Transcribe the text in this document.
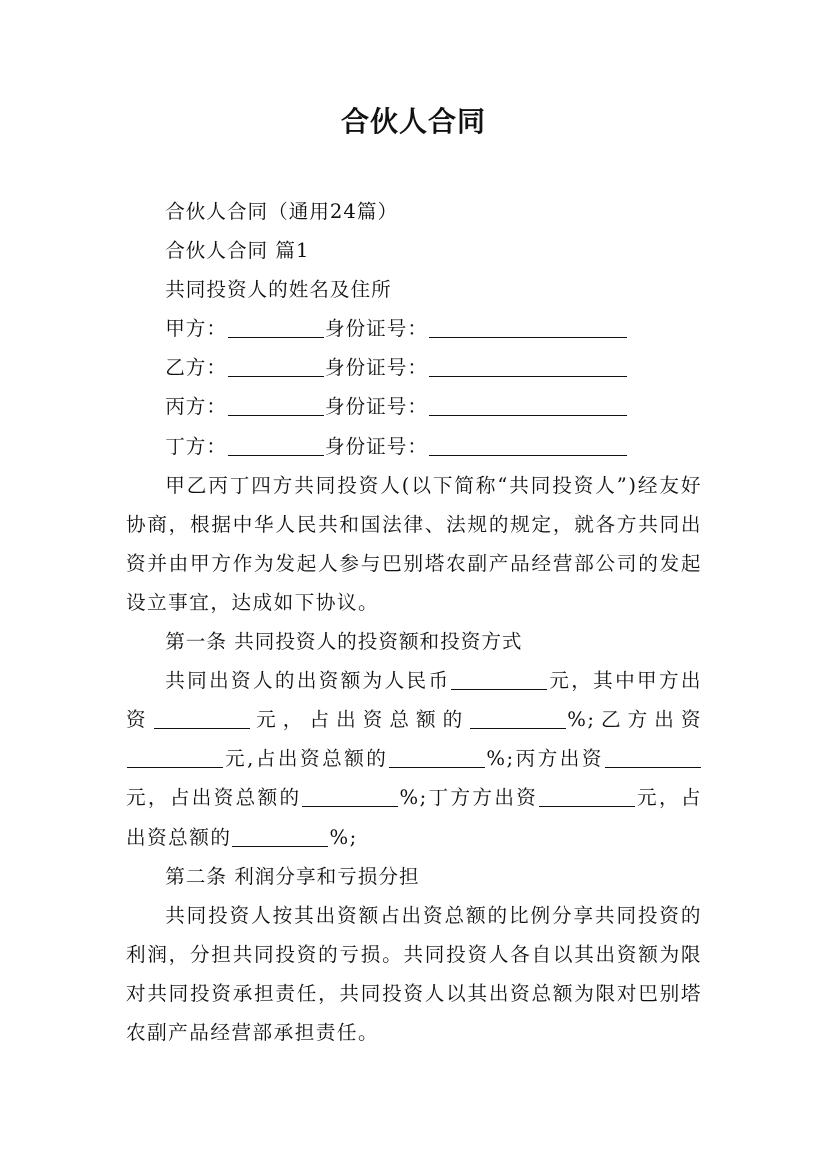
合伙人合同
合伙人合同（通用24篇）
合伙人合同 篇1
共同投资人的姓名及住所
甲方：	身份证号：
乙方：	身份证号：
丙方：	身份证号：
丁方：	身份证号：

甲乙丙丁四方共同投资人(以下简称“共同投资人”)经友好协商，根据中华人民共和国法律、法规的规定，就各方共同出资并由甲方作为发起人参与巴别塔农副产品经营部公司的发起设立事宜，达成如下协议。

第一条 共同投资人的投资额和投资方式

共同出资人的出资额为人民币	元，其中甲方出资	元，占出资总额的	%;乙方出资元,占出资总额的	%;丙方出资元，占出资总额的	%;丁方方出资	元，占出资总额的	%;

第二条 利润分享和亏损分担

共同投资人按其出资额占出资总额的比例分享共同投资的利润，分担共同投资的亏损。共同投资人各自以其出资额为限对共同投资承担责任，共同投资人以其出资总额为限对巴别塔农副产品经营部承担责任。
